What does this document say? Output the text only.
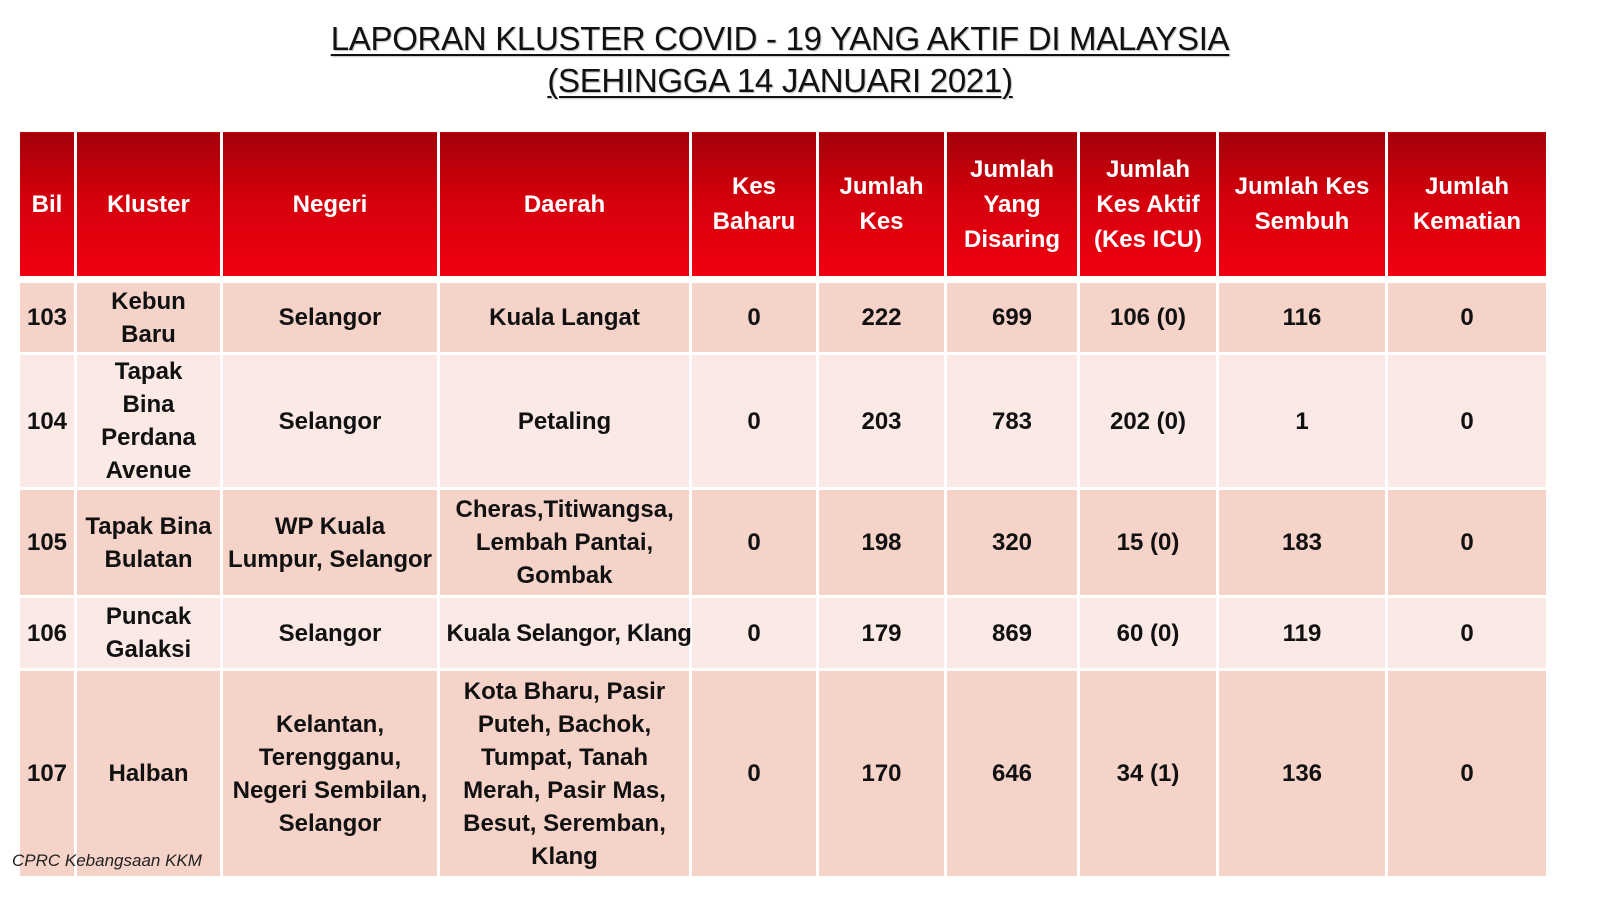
LAPORAN KLUSTER COVID - 19 YANG AKTIF DI MALAYSIA
(SEHINGGA 14 JANUARI 2021)
Bil	Kluster	Negeri	Daerah	Kes Baharu	Jumlah Kes	Jumlah Yang Disaring	Jumlah Kes Aktif (Kes ICU)	Jumlah Kes Sembuh	Jumlah Kematian

103	Kebun Baru	Selangor	Kuala Langat	0	222	699	106 (0)	116	0
104	Tapak Bina Perdana Avenue	Selangor	Petaling	0	203	783	202 (0)	1	0
105	Tapak Bina Bulatan	WP Kuala Lumpur, Selangor	Cheras,Titiwangsa, Lembah Pantai, Gombak	0	198	320	15 (0)	183	0
106	Puncak Galaksi	Selangor	Kuala Selangor, Klang	0	179	869	60 (0)	119	0
107	Halban	Kelantan, Terengganu, Negeri Sembilan, Selangor	Kota Bharu, Pasir Puteh, Bachok, Tumpat, Tanah Merah, Pasir Mas, Besut, Seremban, Klang	0	170	646	34 (1)	136	0
CPRC Kebangsaan KKM
